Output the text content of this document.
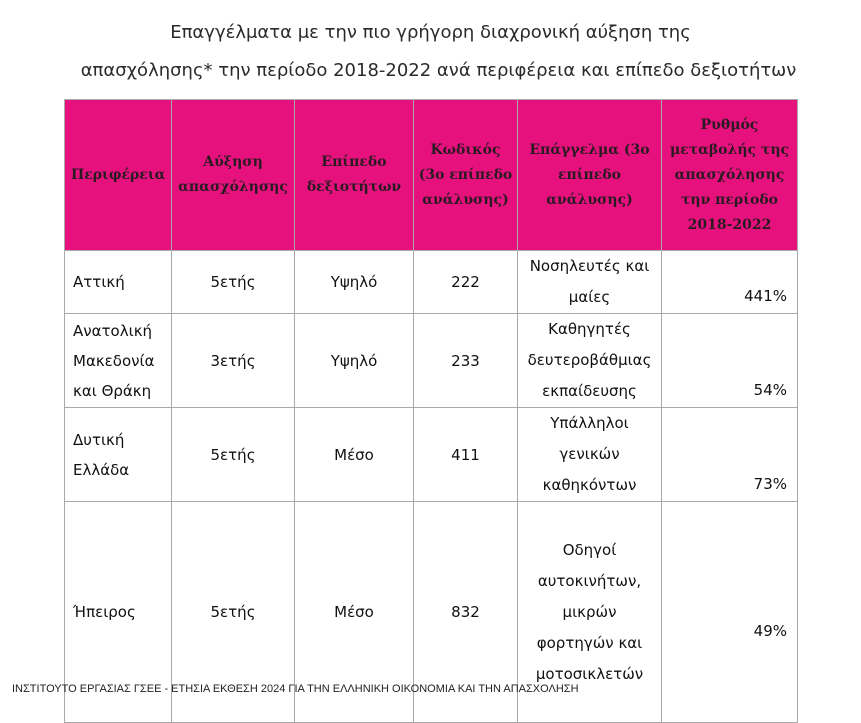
Επαγγέλματα με την πιο γρήγορη διαχρονική αύξηση της
απασχόλησης* την περίοδο 2018-2022 ανά περιφέρεια και επίπεδο δεξιοτήτων
Περιφέρεια	Αύξηση απασχόλησης	Επίπεδο δεξιοτήτων	Κωδικός (3ο επίπεδο ανάλυσης)	Επάγγελμα (3ο επίπεδο ανάλυσης)	Ρυθμός μεταβολής της απασχόλησης την περίοδο 2018-2022
Αττική	5ετής	Υψηλό	222	Νοσηλευτές και μαίες	441%
Ανατολική Μακεδονία και Θράκη	3ετής	Υψηλό	233	Καθηγητές δευτεροβάθμιας εκπαίδευσης	54%
Δυτική Ελλάδα	5ετής	Μέσο	411	Υπάλληλοι γενικών καθηκόντων	73%
Ήπειρος	5ετής	Μέσο	832	Οδηγοί αυτοκινήτων, μικρών φορτηγών και μοτοσικλετών	49%
ΙΝΣΤΙΤΟΥΤΟ ΕΡΓΑΣΙΑΣ ΓΣΕΕ - ΕΤΗΣΙΑ ΕΚΘΕΣΗ 2024 ΓΙΑ ΤΗΝ ΕΛΛΗΝΙΚΗ ΟΙΚΟΝΟΜΙΑ ΚΑΙ ΤΗΝ ΑΠΑΣΧΟΛΗΣΗ
